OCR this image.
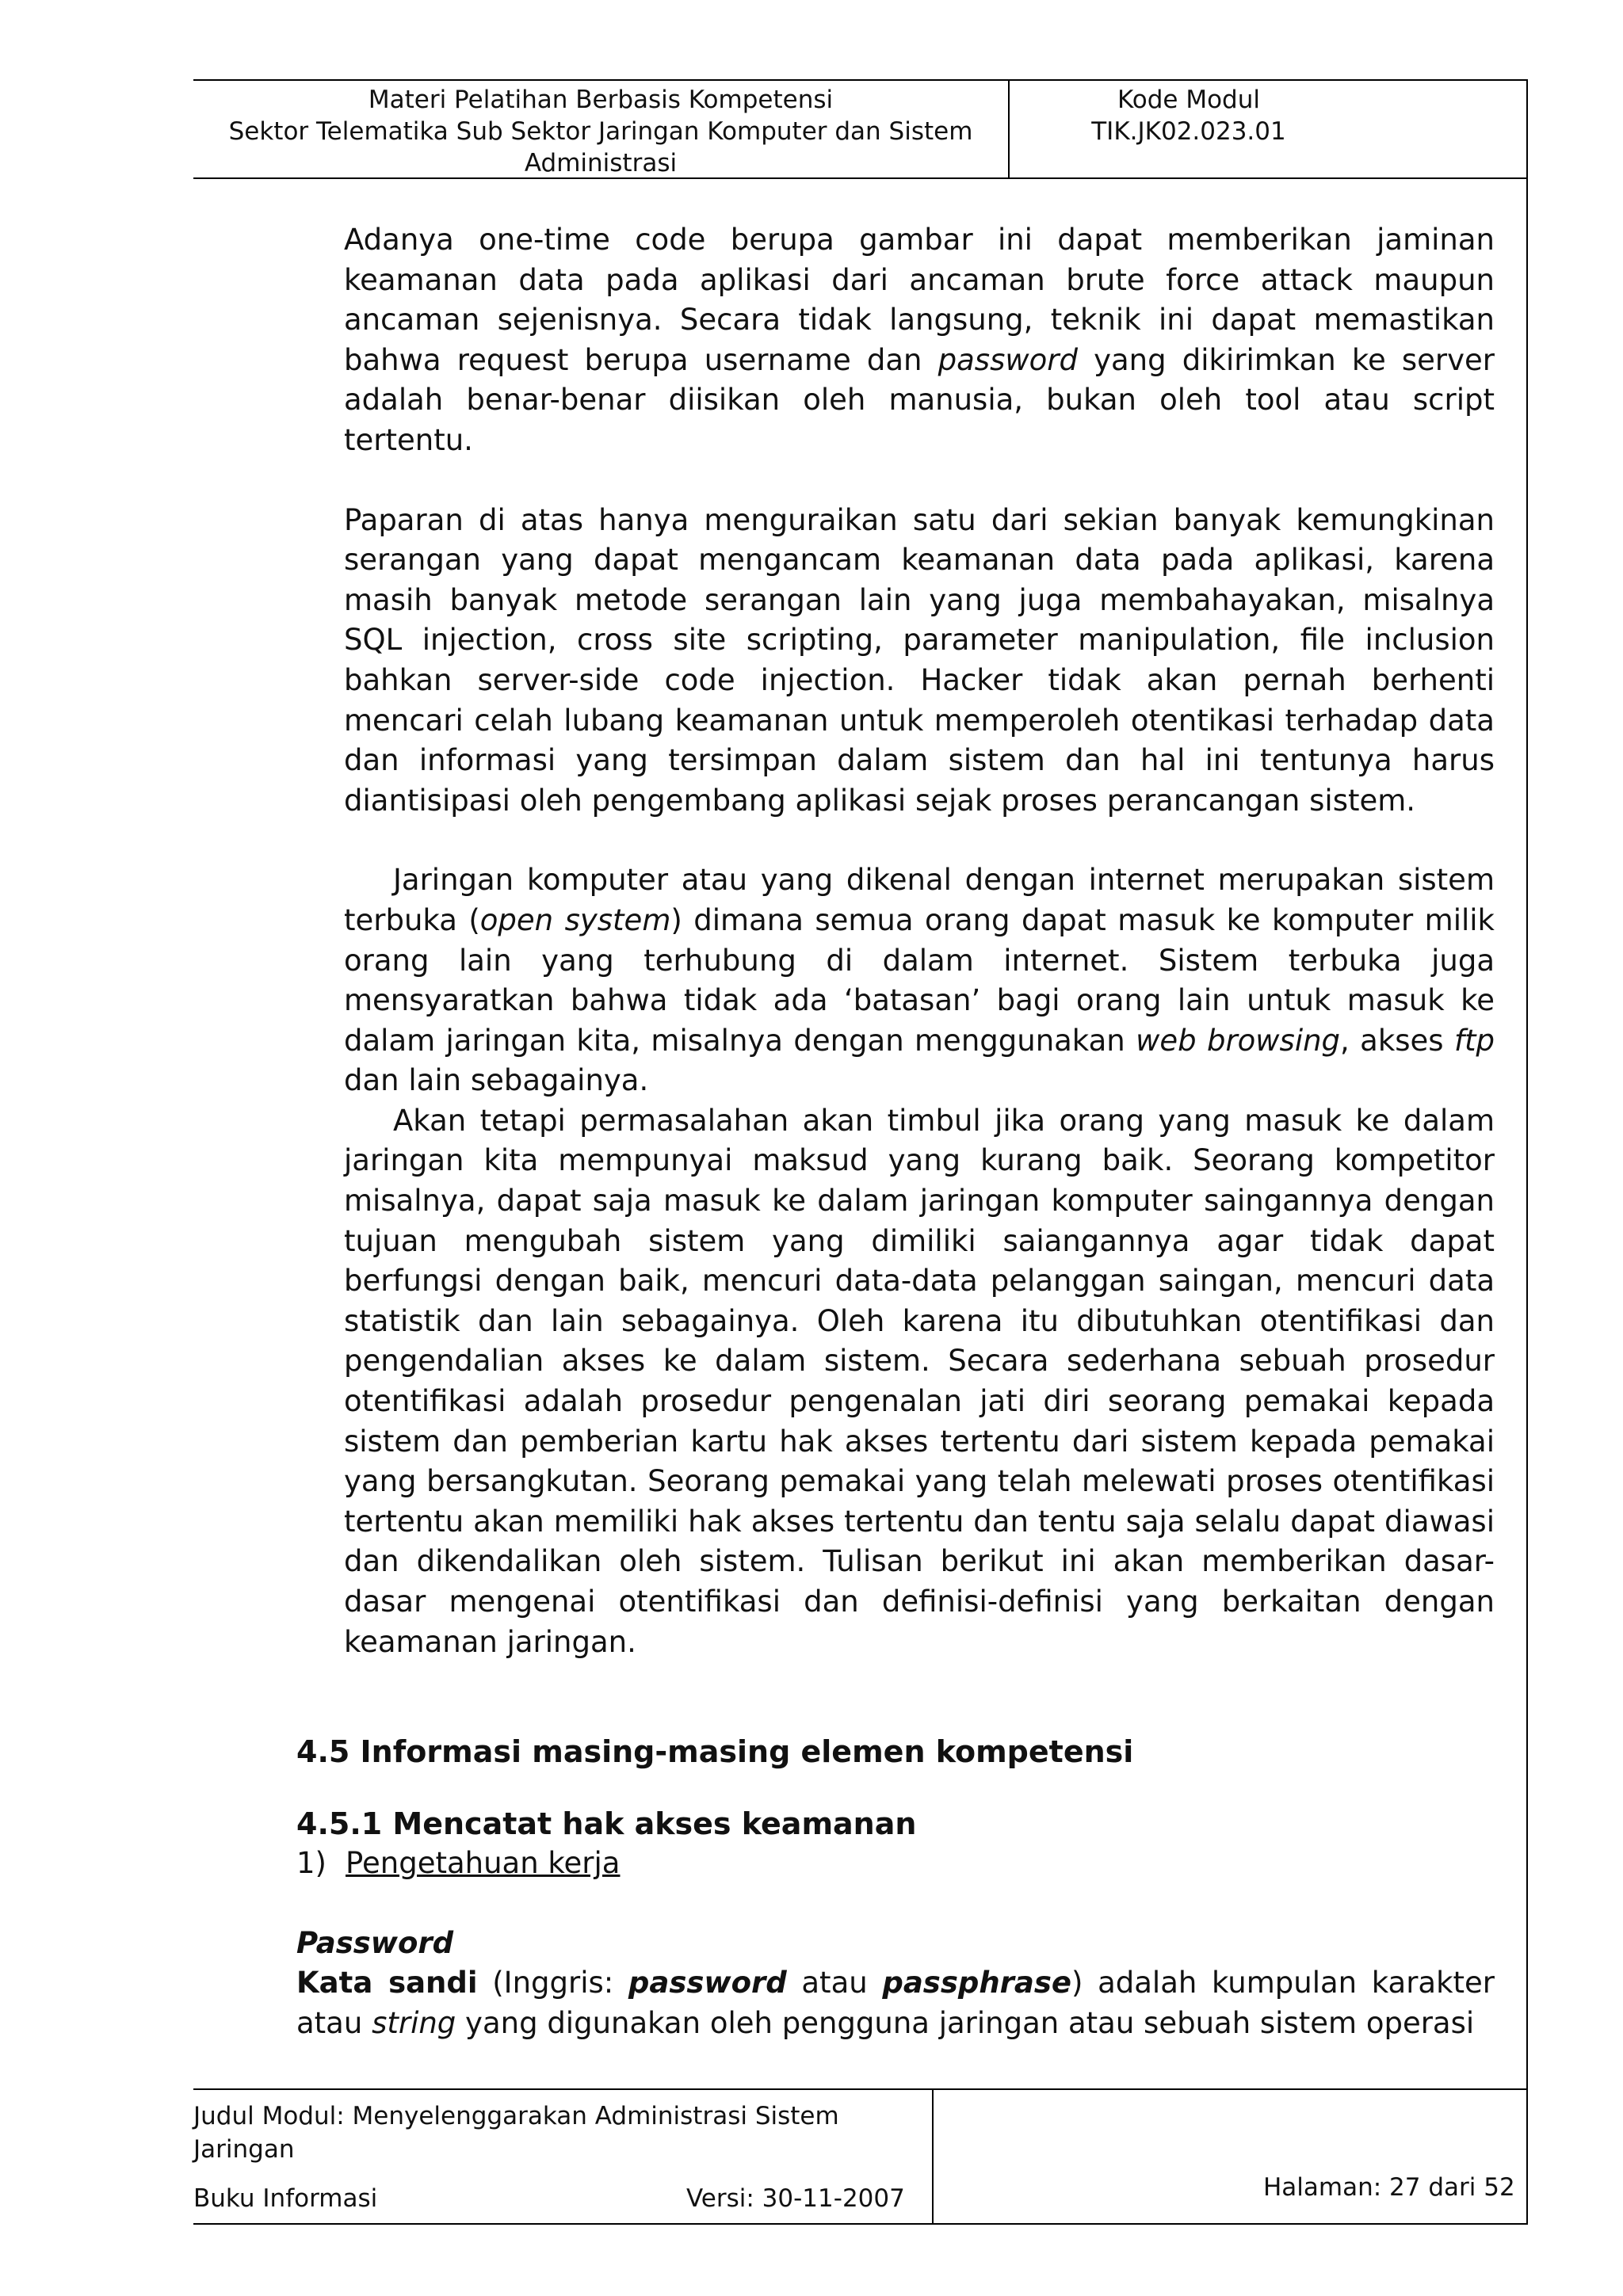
Materi Pelatihan Berbasis Kompetensi
Sektor Telematika Sub Sektor Jaringan Komputer dan Sistem
Administrasi
Kode Modul
TIK.JK02.023.01

Adanya one-time code berupa gambar ini dapat memberikan jaminan keamanan data pada aplikasi dari ancaman brute force attack maupun ancaman sejenisnya. Secara tidak langsung, teknik ini dapat memastikan bahwa request berupa username dan password yang dikirimkan ke server adalah benar-benar diisikan oleh manusia, bukan oleh tool atau script tertentu.

Paparan di atas hanya menguraikan satu dari sekian banyak kemungkinan serangan yang dapat mengancam keamanan data pada aplikasi, karena masih banyak metode serangan lain yang juga membahayakan, misalnya SQL injection, cross site scripting, parameter manipulation, file inclusion bahkan server-side code injection. Hacker tidak akan pernah berhenti mencari celah lubang keamanan untuk memperoleh otentikasi terhadap data dan informasi yang tersimpan dalam sistem dan hal ini tentunya harus diantisipasi oleh pengembang aplikasi sejak proses perancangan sistem.

Jaringan komputer atau yang dikenal dengan internet merupakan sistem terbuka (open system) dimana semua orang dapat masuk ke komputer milik orang lain yang terhubung di dalam internet. Sistem terbuka juga mensyaratkan bahwa tidak ada ‘batasan’ bagi orang lain untuk masuk ke dalam jaringan kita, misalnya dengan menggunakan web browsing, akses ftp dan lain sebagainya.

Akan tetapi permasalahan akan timbul jika orang yang masuk ke dalam jaringan kita mempunyai maksud yang kurang baik. Seorang kompetitor misalnya, dapat saja masuk ke dalam jaringan komputer saingannya dengan tujuan mengubah sistem yang dimiliki saiangannya agar tidak dapat berfungsi dengan baik, mencuri data-data pelanggan saingan, mencuri data statistik dan lain sebagainya. Oleh karena itu dibutuhkan otentifikasi dan pengendalian akses ke dalam sistem. Secara sederhana sebuah prosedur otentifikasi adalah prosedur pengenalan jati diri seorang pemakai kepada sistem dan pemberian kartu hak akses tertentu dari sistem kepada pemakai yang bersangkutan. Seorang pemakai yang telah melewati proses otentifikasi tertentu akan memiliki hak akses tertentu dan tentu saja selalu dapat diawasi dan dikendalikan oleh sistem. Tulisan berikut ini akan memberikan dasar-dasar mengenai otentifikasi dan definisi-definisi yang berkaitan dengan keamanan jaringan.

4.5 Informasi masing-masing elemen kompetensi
4.5.1 Mencatat hak akses keamanan
1) Pengetahuan kerja
Password

Kata sandi (Inggris: password atau passphrase) adalah kumpulan karakter atau string yang digunakan oleh pengguna jaringan atau sebuah sistem operasi

Judul Modul: Menyelenggarakan Administrasi Sistem Jaringan
Buku Informasi	Versi: 30-11-2007	Halaman: 27 dari 52
